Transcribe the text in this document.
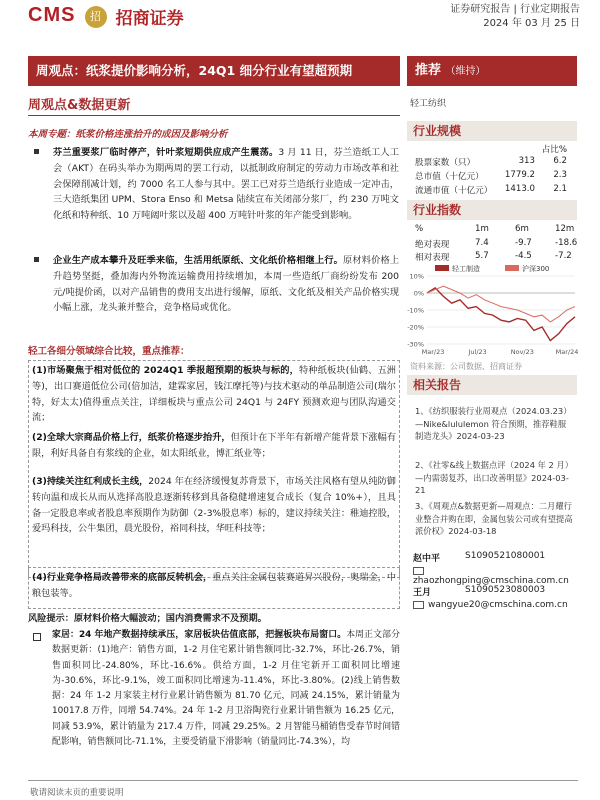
CMS 招 招商证券	证券研究报告 | 行业定期报告
2024 年 03 月 25 日
周观点：纸浆提价影响分析，24Q1 细分行业有望超预期	推荐 （维持）
周观点&数据更新
本周专题：纸浆价格连涨拾升的成因及影响分析
芬兰重要浆厂临时停产，针叶浆短期供应成产生震荡。3 月 11 日，芬兰造纸工人工会（AKT）在码头举办为期两周的罢工行动，以抵制政府制定的劳动力市场改革和社会保障削减计划，约 7000 名工人参与其中。罢工已对芬兰造纸行业造成一定冲击，三大造纸集团 UPM、Stora Enso 和 Metsa 陆续宣布关闭部分浆厂，约 230 万吨文化纸和特种纸、10 万吨阔叶浆以及超 400 万吨针叶浆的年产能受到影响。
企业生产成本攀升及旺季来临，生活用纸原纸、文化纸价格相继上行。原材料价格上升趋势坚挺，叠加海内外物流运输费用持续增加，本周一些造纸厂商纷纷发布 200 元/吨提价函，以对产品销售的费用支出进行缓解，原纸、文化纸及相关产品价格实现小幅上涨，龙头兼并整合，竞争格局或优化。
轻工各细分领域综合比较，重点推荐：
(1)市场聚焦于相对低位的 2024Q1 季报超预期的板块与标的，特种纸板块(仙鹤、五洲等)，出口赛道低位公司(倍加洁，建霖家居，钱江摩托等)与技术驱动的单品制造公司(瑞尔特，好太太)值得重点关注，详细板块与重点公司 24Q1 与 24FY 预测欢迎与团队沟通交流；
(2)全球大宗商品价格上行，纸浆价格逐步抬升，但预计在下半年有新增产能背景下涨幅有限，利好具备自有浆线的企业，如太阳纸业，博汇纸业等；
(3)持续关注红利成长主线，2024 年在经济缓慢复苏背景下，市场关注风格有望从纯防御转向温和成长从而从选择高股息逐渐转移到具备稳健增速复合成长（复合 10%+），且具备一定股息率或者股息率预期作为防御（2-3%股息率）标的，建议持续关注：稚迪控股，爱玛科技，公牛集团，晨光股份，裕同科技，华旺科技等；
(4)行业竞争格局改善带来的底部反转机会，重点关注金属包装赛道昇兴股份，奥瑞金，中粮包装等。
风险提示：原材料价格大幅波动；国内消费需求不及预期。
家居：24 年地产数据持续承压，家居板块估值底部，把握板块布局窗口。本周正文部分数据更新：(1)地产：销售方面，1-2 月住宅累计销售额同比-32.7%，环比-26.7%，销售面积同比-24.80%，环比-16.6%。供给方面，1-2 月住宅新开工面积同比增速为-30.6%，环比-9.1%，竣工面积同比增速为-11.4%，环比-3.80%。(2)线上销售数据：24 年 1-2 月家装主材行业累计销售额为 81.70 亿元，同减 24.15%，累计销量为 10017.8 万件，同增 54.74%。24 年 1-2 月卫浴陶瓷行业累计销售额为 16.25 亿元，同减 53.9%，累计销量为 217.4 万件，同减 29.25%。2 月智能马桶销售受春节时间错配影响，销售额同比-71.1%，主要受销量下滑影响（销量同比-74.3%），均
轻工纺织
行业规模
占比%
股票家数（只）	313 6.2
总市值（十亿元） 1779.2 2.3
流通市值（十亿元） 1413.0 2.1
行业指数
%	1m	6m	12m
绝对表现	7.4	-9.7	-18.6
相对表现	5.7	-4.5	-7.2
轻工制造	沪深300
10%
0%
-10%
-20%
-30%
Mar/23	Jul/23	Nov/23	Mar/24
资料来源：公司数据、招商证券
相关报告
1、《纺织服装行业周观点（2024.03.23）—Nike&lululemon 符合预期，推荐鞋服制造龙头》2024-03-23
2、《社零&线上数据点评（2024 年 2 月）—内需弱复苏，出口改善明显》2024-03-21
3、《周观点&数据更新—周观点：二月耀行业整合并购在即，金属包装公司或有望提高派价权》2024-03-18
赵中平	S1090521080001
zhaozhongping@cmschina.com.cn
王月	S1090523080003
wangyue20@cmschina.com.cn
敬请阅读末页的重要说明
